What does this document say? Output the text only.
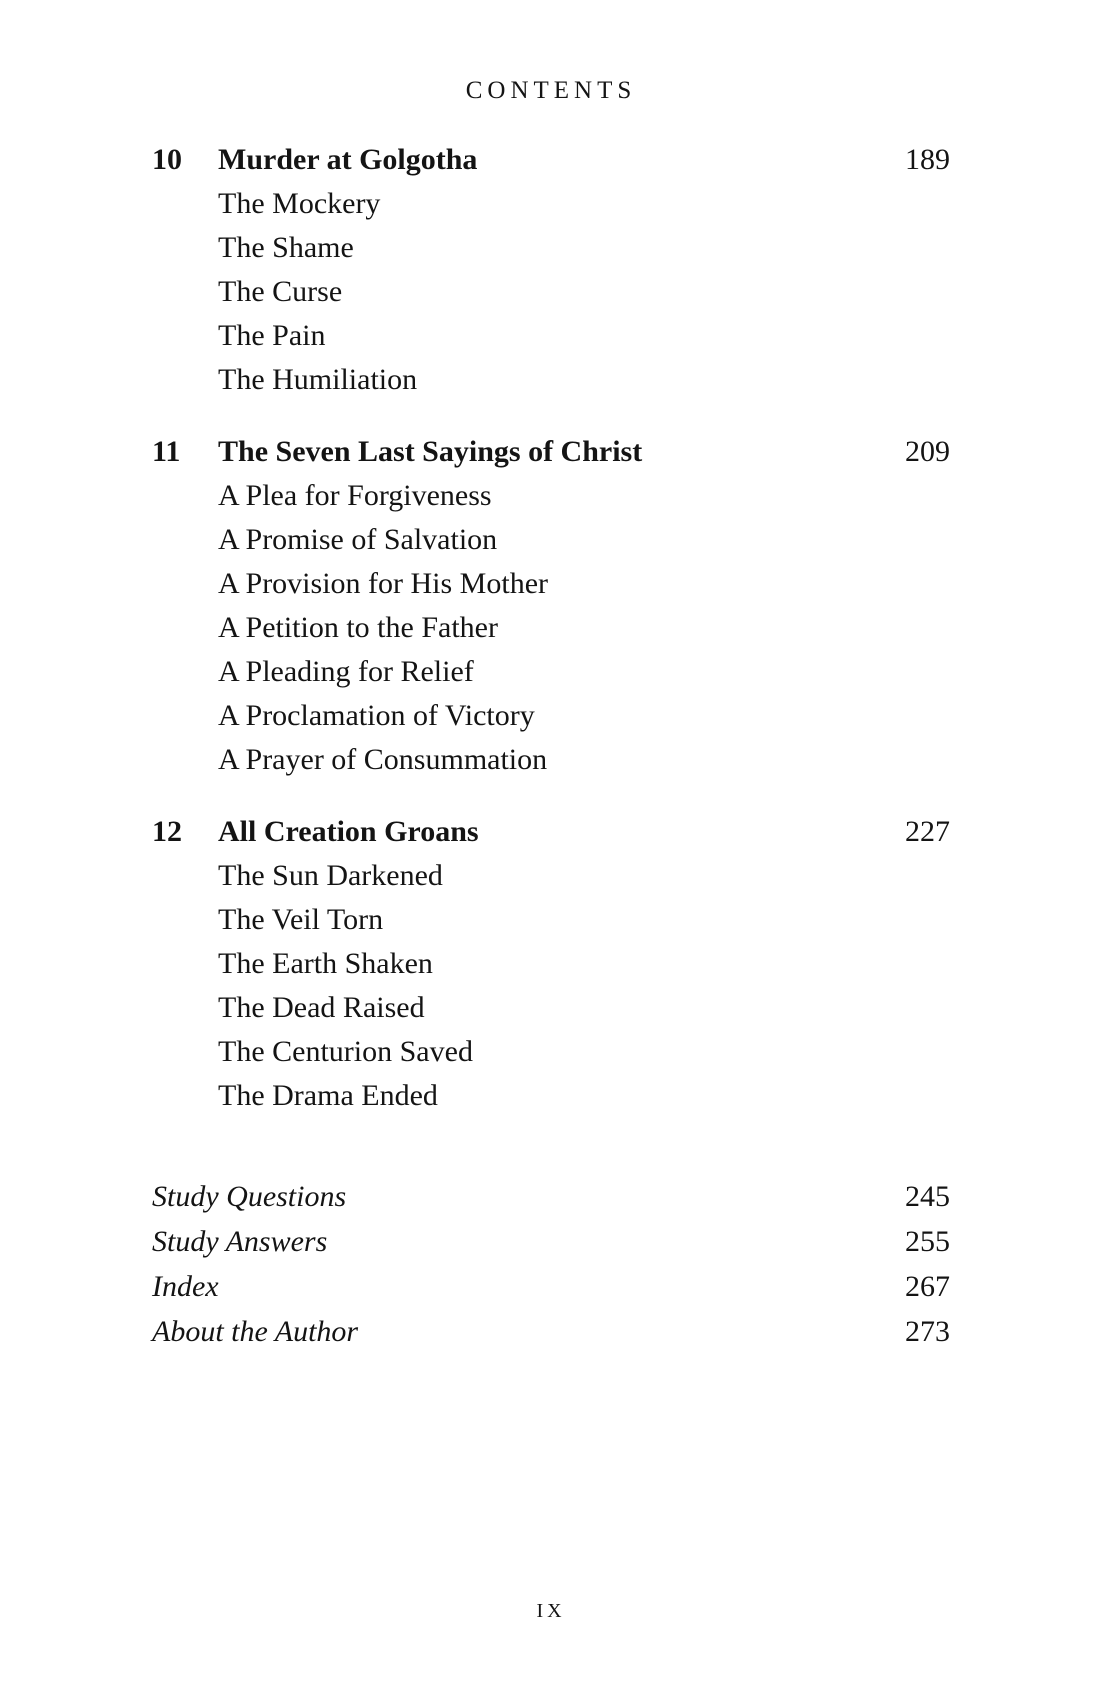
CONTENTS
10	Murder at Golgotha	189
The Mockery
The Shame
The Curse
The Pain
The Humiliation
11	The Seven Last Sayings of Christ	209
A Plea for Forgiveness
A Promise of Salvation
A Provision for His Mother
A Petition to the Father
A Pleading for Relief
A Proclamation of Victory
A Prayer of Consummation
12	All Creation Groans	227
The Sun Darkened
The Veil Torn
The Earth Shaken
The Dead Raised
The Centurion Saved
The Drama Ended
Study Questions	245
Study Answers	255
Index	267
About the Author	273
IX
